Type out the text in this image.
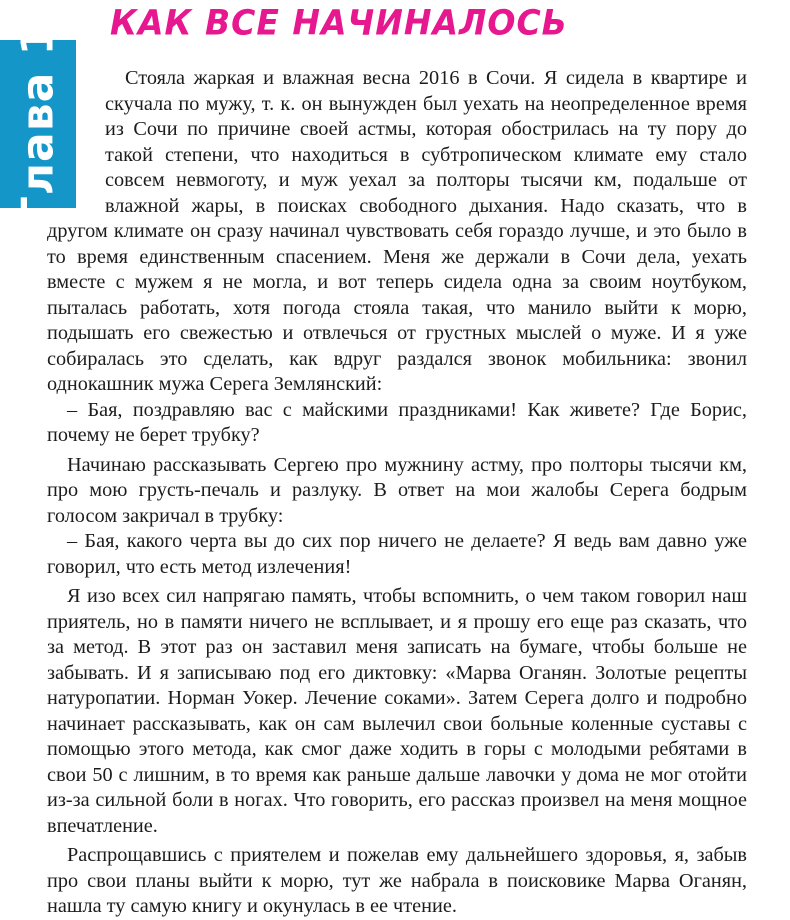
Глава 1
КАК ВСЕ НАЧИНАЛОСЬ

Стояла жаркая и влажная весна 2016 в Сочи. Я сидела в квартире и скучала по мужу, т. к. он вынужден был уехать на неопределенное время из Сочи по причине своей астмы, которая обострилась на ту пору до такой степени, что находиться в субтропическом климате ему стало совсем невмоготу, и муж уехал за полторы тысячи км, подальше от влажной жары, в поисках свободного дыхания. Надо сказать, что в другом климате он сразу начинал чувствовать себя гораздо лучше, и это было в то время единственным спасением. Меня же держали в Сочи дела, уехать вместе с мужем я не могла, и вот теперь сидела одна за своим ноутбуком, пыталась работать, хотя погода стояла такая, что манило выйти к морю, подышать его свежестью и отвлечься от грустных мыслей о муже. И я уже собиралась это сделать, как вдруг раздался звонок мобильника: звонил однокашник мужа Серега Землянский:

– Бая, поздравляю вас с майскими праздниками! Как живете? Где Борис, почему не берет трубку?

Начинаю рассказывать Сергею про мужнину астму, про полторы тысячи км, про мою грусть-печаль и разлуку. В ответ на мои жалобы Серега бодрым голосом закричал в трубку:

– Бая, какого черта вы до сих пор ничего не делаете? Я ведь вам давно уже говорил, что есть метод излечения!

Я изо всех сил напрягаю память, чтобы вспомнить, о чем таком говорил наш приятель, но в памяти ничего не всплывает, и я прошу его еще раз сказать, что за метод. В этот раз он заставил меня записать на бумаге, чтобы больше не забывать. И я записываю под его диктовку: «Марва Оганян. Золотые рецепты натуропатии. Норман Уокер. Лечение соками». Затем Серега долго и подробно начинает рассказывать, как он сам вылечил свои больные коленные суставы с помощью этого метода, как смог даже ходить в горы с молодыми ребятами в свои 50 с лишним, в то время как раньше дальше лавочки у дома не мог отойти из-за сильной боли в ногах. Что говорить, его рассказ произвел на меня мощное впечатление.

Распрощавшись с приятелем и пожелав ему дальнейшего здоровья, я, забыв про свои планы выйти к морю, тут же набрала в поисковике Марва Оганян, нашла ту самую книгу и окунулась в ее чтение.
